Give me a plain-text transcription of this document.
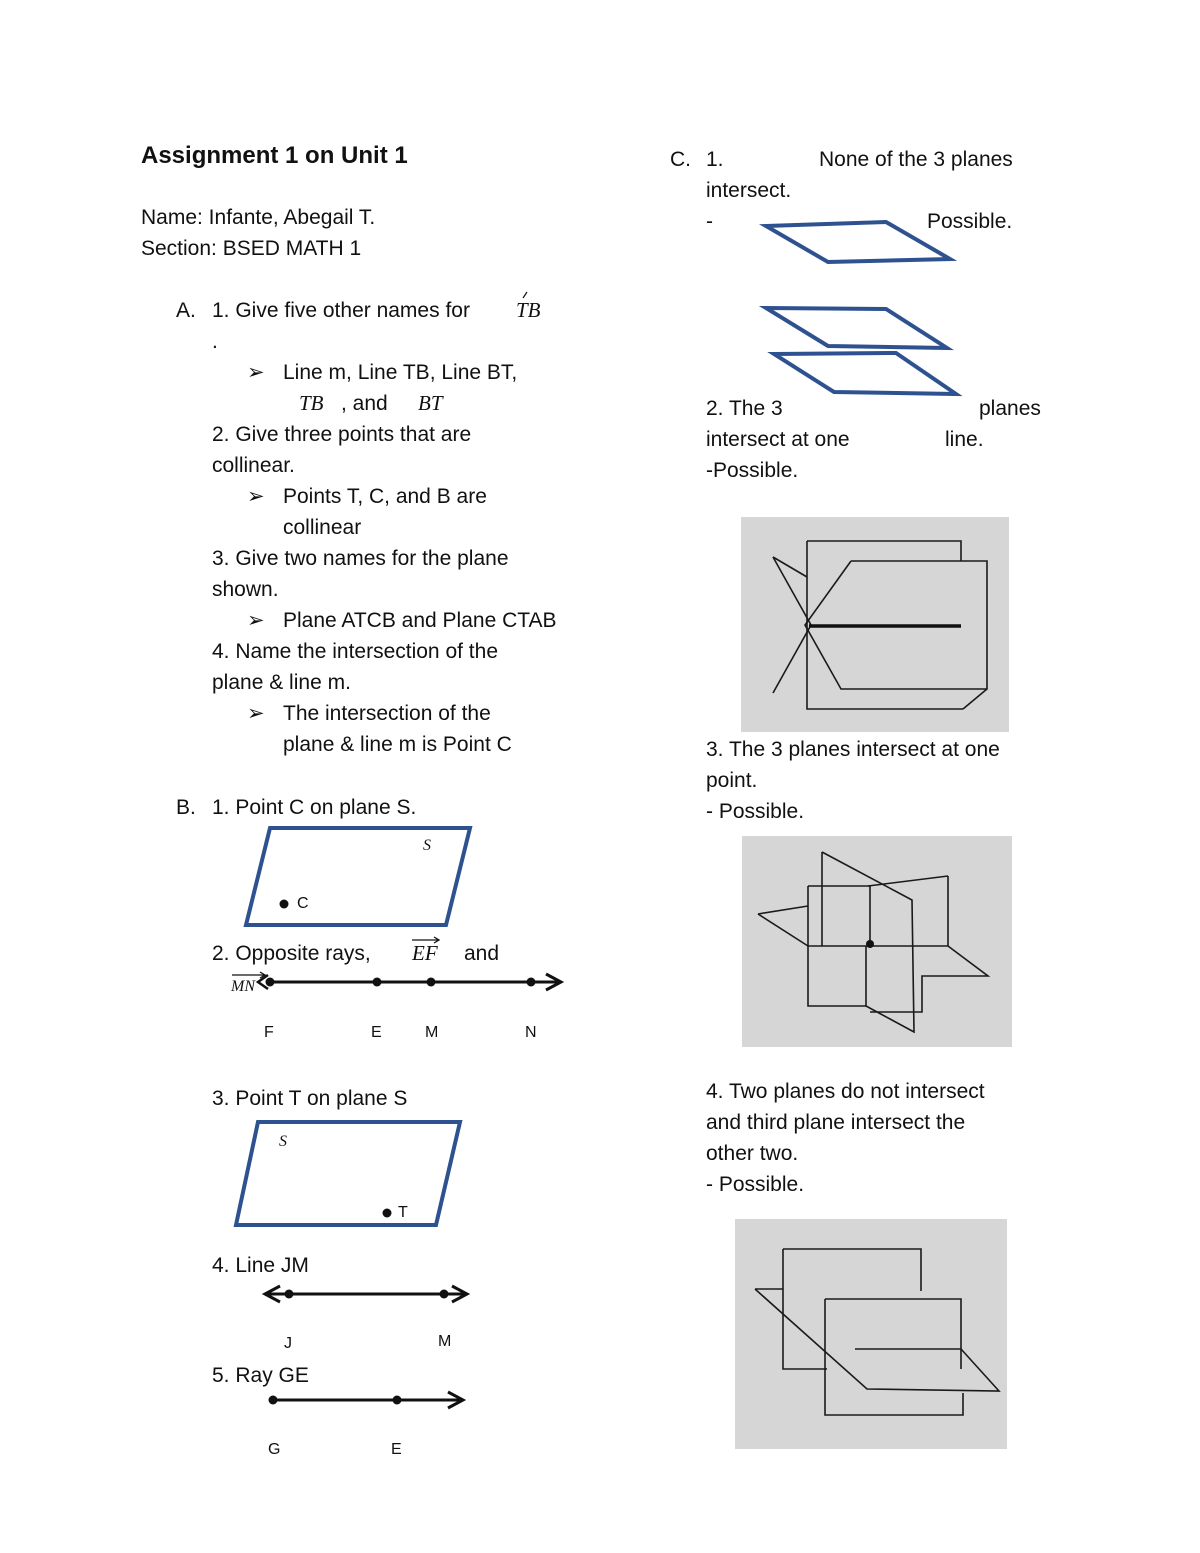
Assignment 1 on Unit 1
Name: Infante, Abegail T.
Section: BSED MATH 1
A. 1. Give five other names for TB
.
➢ Line m, Line TB, Line BT,
TB , and BT
2. Give three points that are
collinear.
➢ Points T, C, and B are
collinear
3. Give two names for the plane
shown.
➢ Plane ATCB and Plane CTAB
4. Name the intersection of the
plane & line m.
➢ The intersection of the
plane & line m is Point C
B. 1. Point C on plane S.
S
C
2. Opposite rays, EF and
MN
F	E	M	N
3. Point T on plane S
S
T
4. Line JM
J	M
5. Ray GE
G	E
C. 1.	None of the 3 planes
intersect.
-	Possible.
2. The 3	planes
intersect at one	line.
-Possible.
3. The 3 planes intersect at one
point.
- Possible.
4. Two planes do not intersect
and third plane intersect the
other two.
- Possible.
